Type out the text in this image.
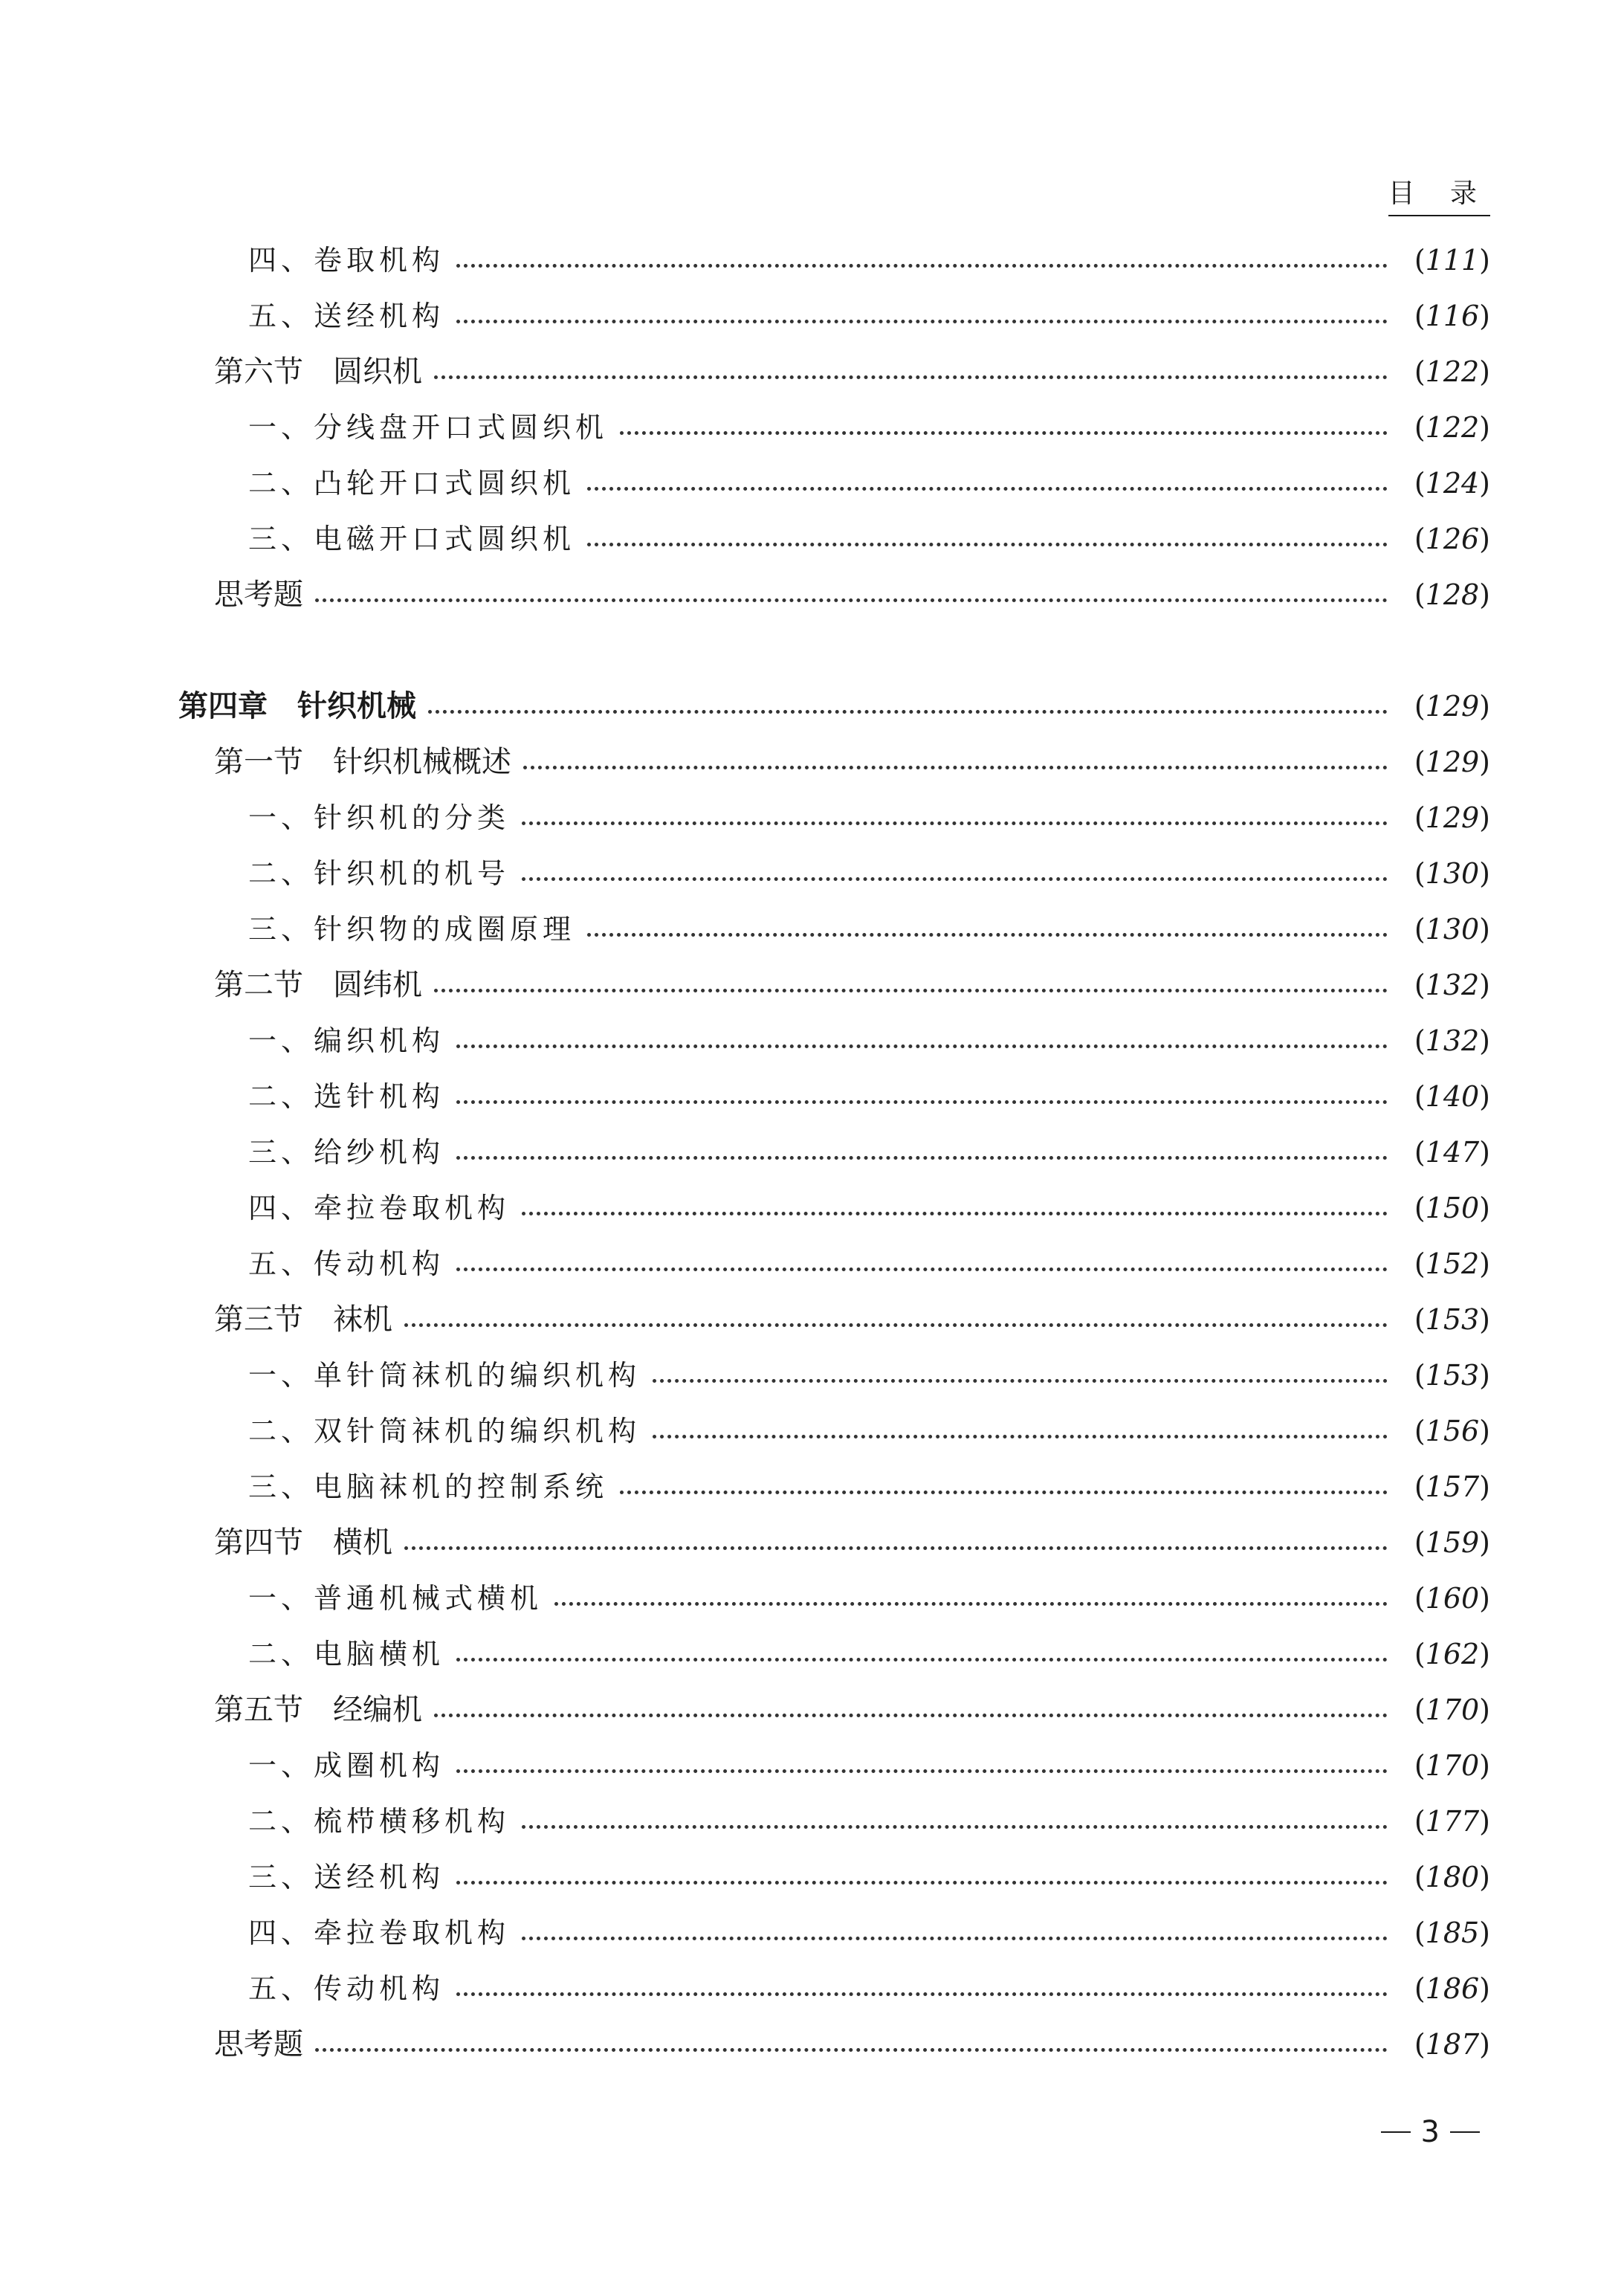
目 录
四、卷取机构	(111)
五、送经机构	(116)
第六节　圆织机	(122)
一、分线盘开口式圆织机	(122)
二、凸轮开口式圆织机	(124)
三、电磁开口式圆织机	(126)
思考题	(128)
第四章　针织机械	(129)
第一节　针织机械概述	(129)
一、针织机的分类	(129)
二、针织机的机号	(130)
三、针织物的成圈原理	(130)
第二节　圆纬机	(132)
一、编织机构	(132)
二、选针机构	(140)
三、给纱机构	(147)
四、牵拉卷取机构	(150)
五、传动机构	(152)
第三节　袜机	(153)
一、单针筒袜机的编织机构	(153)
二、双针筒袜机的编织机构	(156)
三、电脑袜机的控制系统	(157)
第四节　横机	(159)
一、普通机械式横机	(160)
二、电脑横机	(162)
第五节　经编机	(170)
一、成圈机构	(170)
二、梳栉横移机构	(177)
三、送经机构	(180)
四、牵拉卷取机构	(185)
五、传动机构	(186)
思考题	(187)
3
